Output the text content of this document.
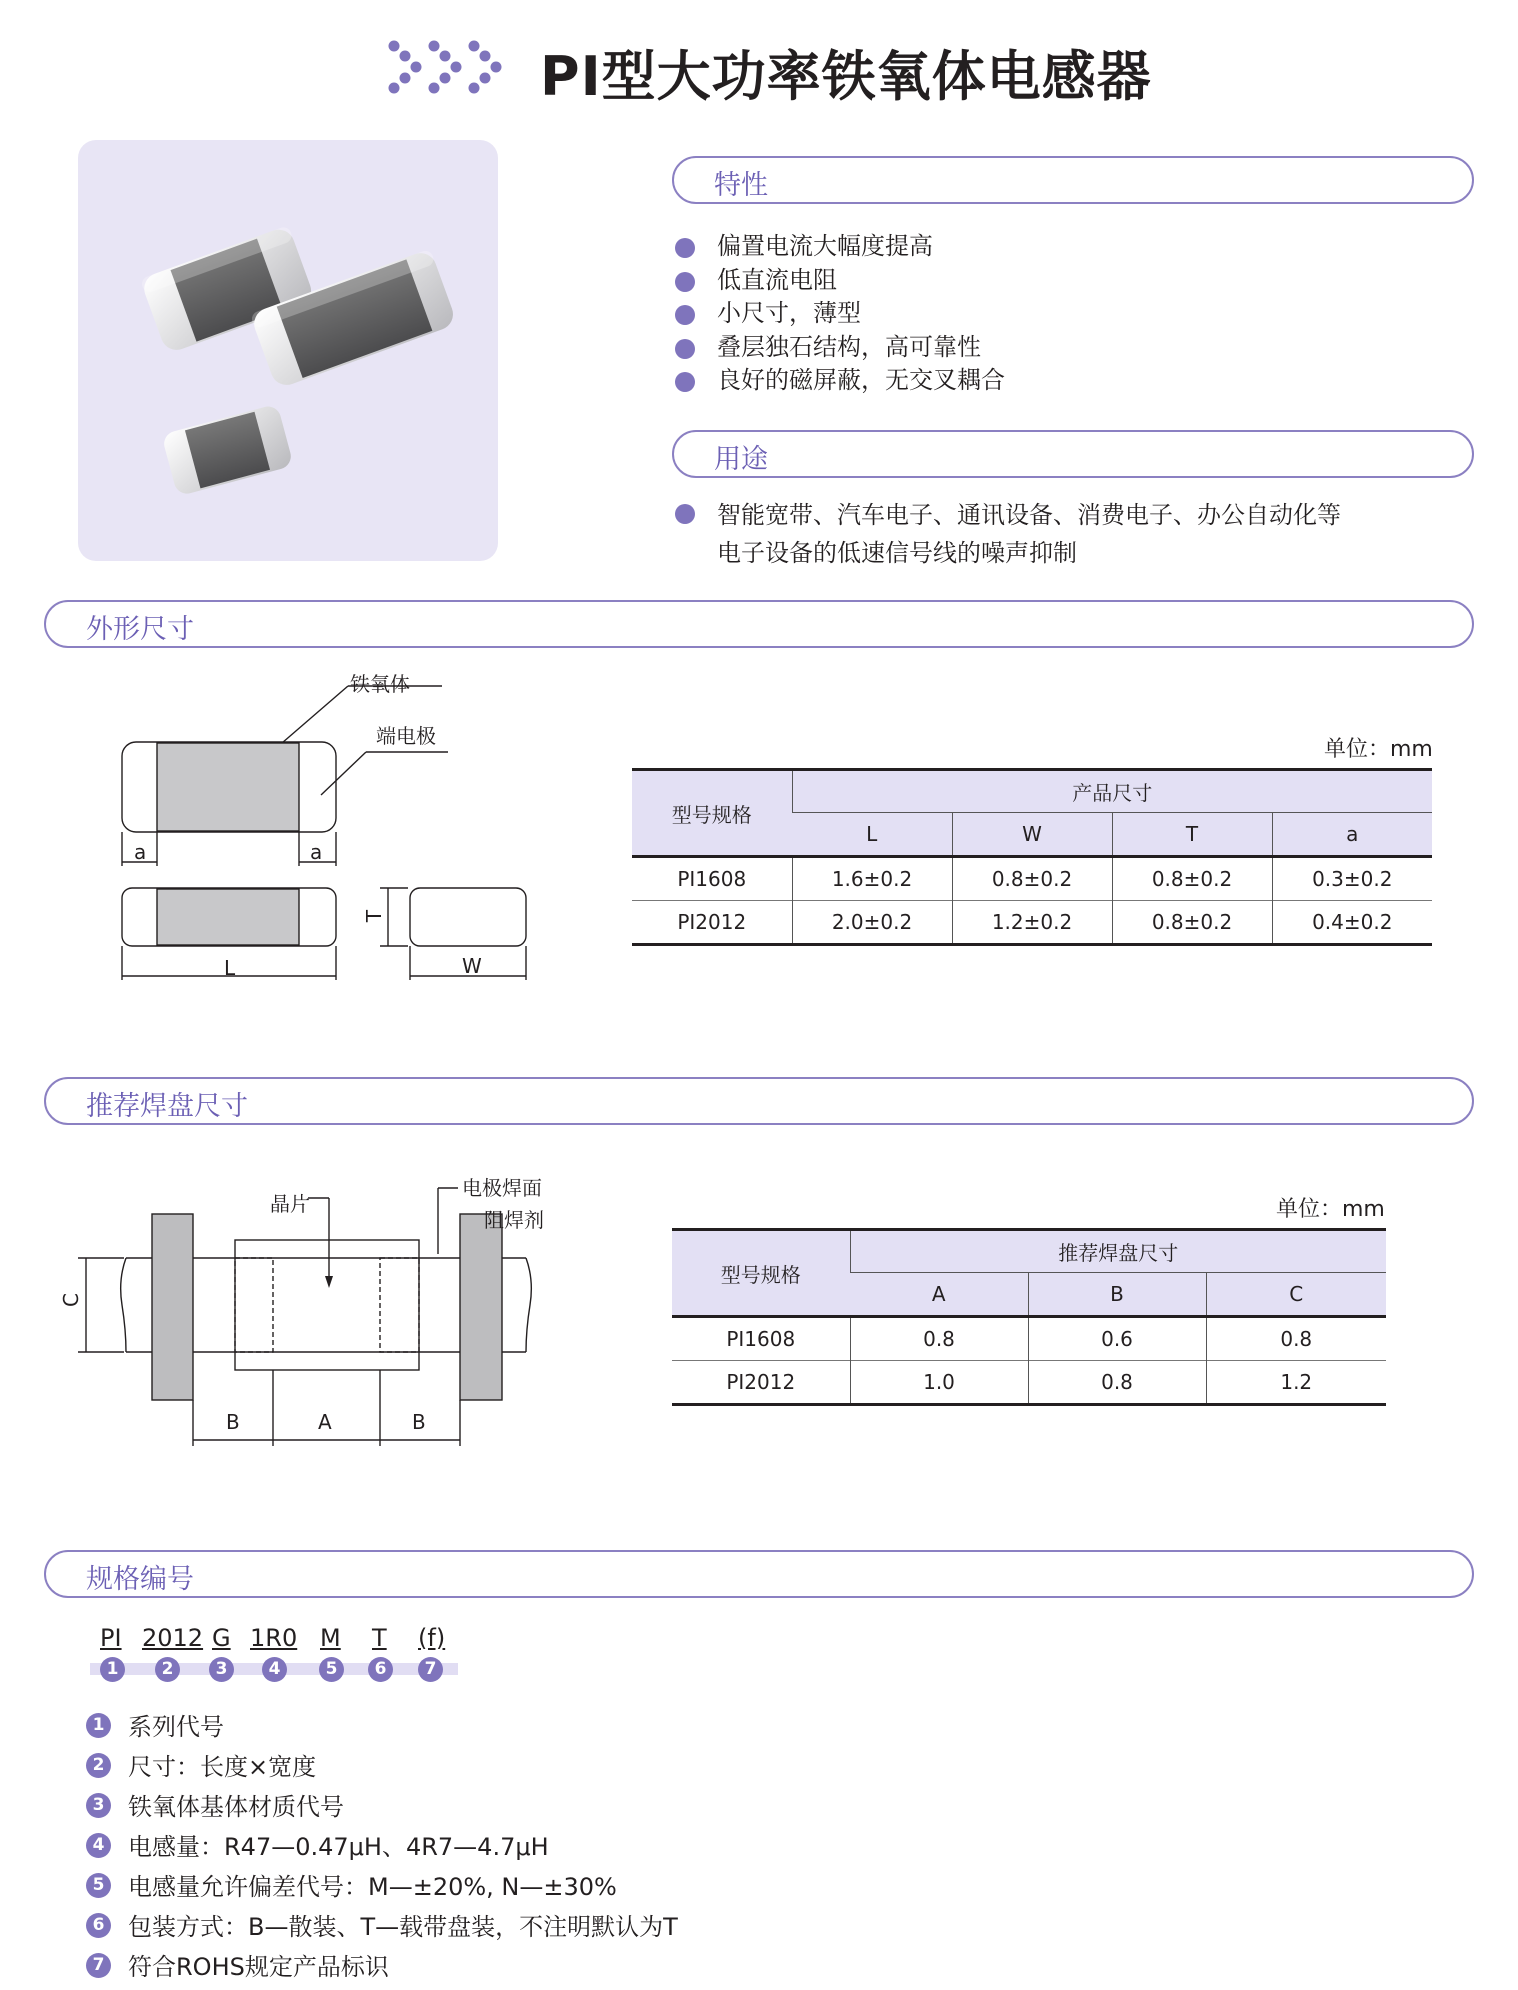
PI型大功率铁氧体电感器
特性
偏置电流大幅度提高
低直流电阻
小尺寸，薄型
叠层独石结构，高可靠性
良好的磁屏蔽，无交叉耦合
用途
智能宽带、汽车电子、通讯设备、消费电子、办公自动化等
电子设备的低速信号线的噪声抑制
外形尺寸
铁氧体
端电极
a	a
L
T
W
单位：mm
型号规格	产品尺寸			
	L	W	T	a
PI1608	1.6±0.2	0.8±0.2	0.8±0.2	0.3±0.2
PI2012	2.0±0.2	1.2±0.2	0.8±0.2	0.4±0.2
推荐焊盘尺寸
晶片
电极焊面
阻焊剂
C
B	A	B
单位：mm
型号规格	推荐焊盘尺寸		
	A	B	C
PI1608	0.8	0.6	0.8
PI2012	1.0	0.8	1.2
规格编号
PI 2012 G 1R0 M T (f)
1	2	3	4	5	6	7
1 系列代号
2 尺寸：长度×宽度
3 铁氧体基体材质代号
4 电感量：R47—0.47μH、4R7—4.7μH
5 电感量允许偏差代号：M—±20%, N—±30%
6 包装方式：B—散装、T—载带盘装，不注明默认为T
7 符合ROHS规定产品标识
